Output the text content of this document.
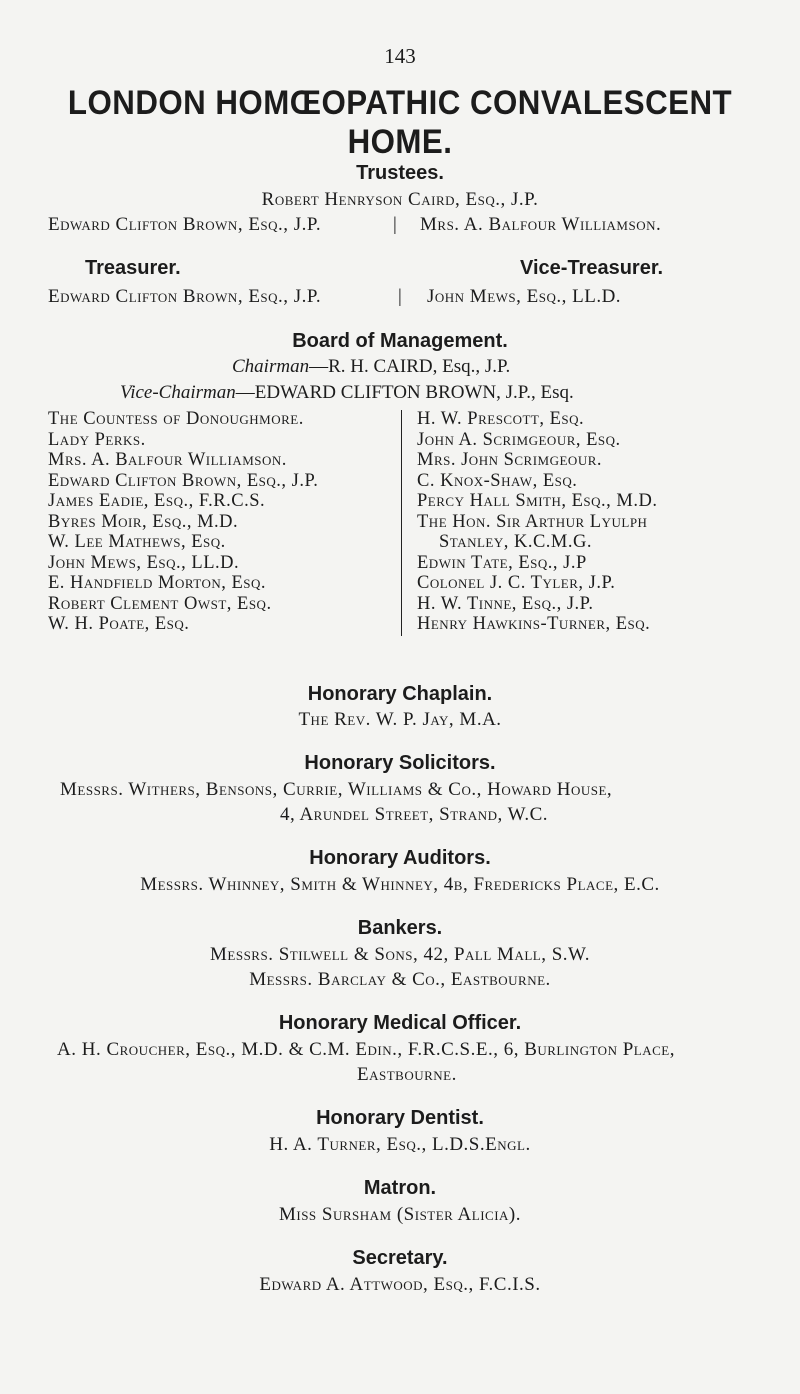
143
LONDON HOMŒOPATHIC CONVALESCENT HOME.
Trustees.
Robert Henryson Caird, Esq., J.P.
Edward Clifton Brown, Esq., J.P.	| Mrs. A. Balfour Williamson.
Treasurer.	Vice-Treasurer.
Edward Clifton Brown, Esq., J.P.	| John Mews, Esq., LL.D.
Board of Management.
Chairman—R. H. CAIRD, Esq., J.P.
Vice-Chairman—EDWARD CLIFTON BROWN, J.P., Esq.
The Countess of Donoughmore.
Lady Perks.
Mrs. A. Balfour Williamson.
Edward Clifton Brown, Esq., J.P.
James Eadie, Esq., F.R.C.S.
Byres Moir, Esq., M.D.
W. Lee Mathews, Esq.
John Mews, Esq., LL.D.
E. Handfield Morton, Esq.
Robert Clement Owst, Esq.
W. H. Poate, Esq.
H. W. Prescott, Esq.
John A. Scrimgeour, Esq.
Mrs. John Scrimgeour.
C. Knox-Shaw, Esq.
Percy Hall Smith, Esq., M.D.
The Hon. Sir Arthur Lyulph
Stanley, K.C.M.G.
Edwin Tate, Esq., J.P
Colonel J. C. Tyler, J.P.
H. W. Tinne, Esq., J.P.
Henry Hawkins-Turner, Esq.
Honorary Chaplain.
The Rev. W. P. Jay, M.A.
Honorary Solicitors.
Messrs. Withers, Bensons, Currie, Williams & Co., Howard House,
4, Arundel Street, Strand, W.C.
Honorary Auditors.
Messrs. Whinney, Smith & Whinney, 4b, Fredericks Place, E.C.
Bankers.
Messrs. Stilwell & Sons, 42, Pall Mall, S.W.
Messrs. Barclay & Co., Eastbourne.
Honorary Medical Officer.
A. H. Croucher, Esq., M.D. & C.M. Edin., F.R.C.S.E., 6, Burlington Place,
Eastbourne.
Honorary Dentist.
H. A. Turner, Esq., L.D.S.Engl.
Matron.
Miss Sursham (Sister Alicia).
Secretary.
Edward A. Attwood, Esq., F.C.I.S.
